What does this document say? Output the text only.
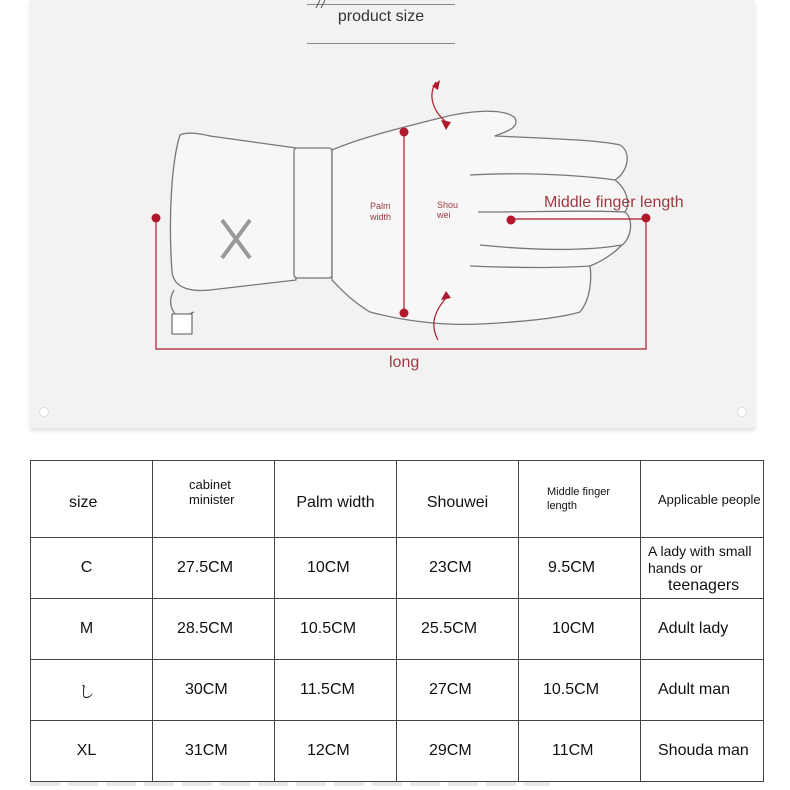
product size
Middle finger length
long
Palm width
Shou wei
size	cabinet minister	Palm width	Shouwei	Middle finger length	Applicable people
C	27.5CM	10CM	23CM	9.5CM	A lady with small hands or
teenagers

M	28.5CM	10.5CM	25.5CM	10CM	Adult lady
し	30CM	11.5CM	27CM	10.5CM	Adult man
XL	31CM	12CM	29CM	11CM	Shouda man
